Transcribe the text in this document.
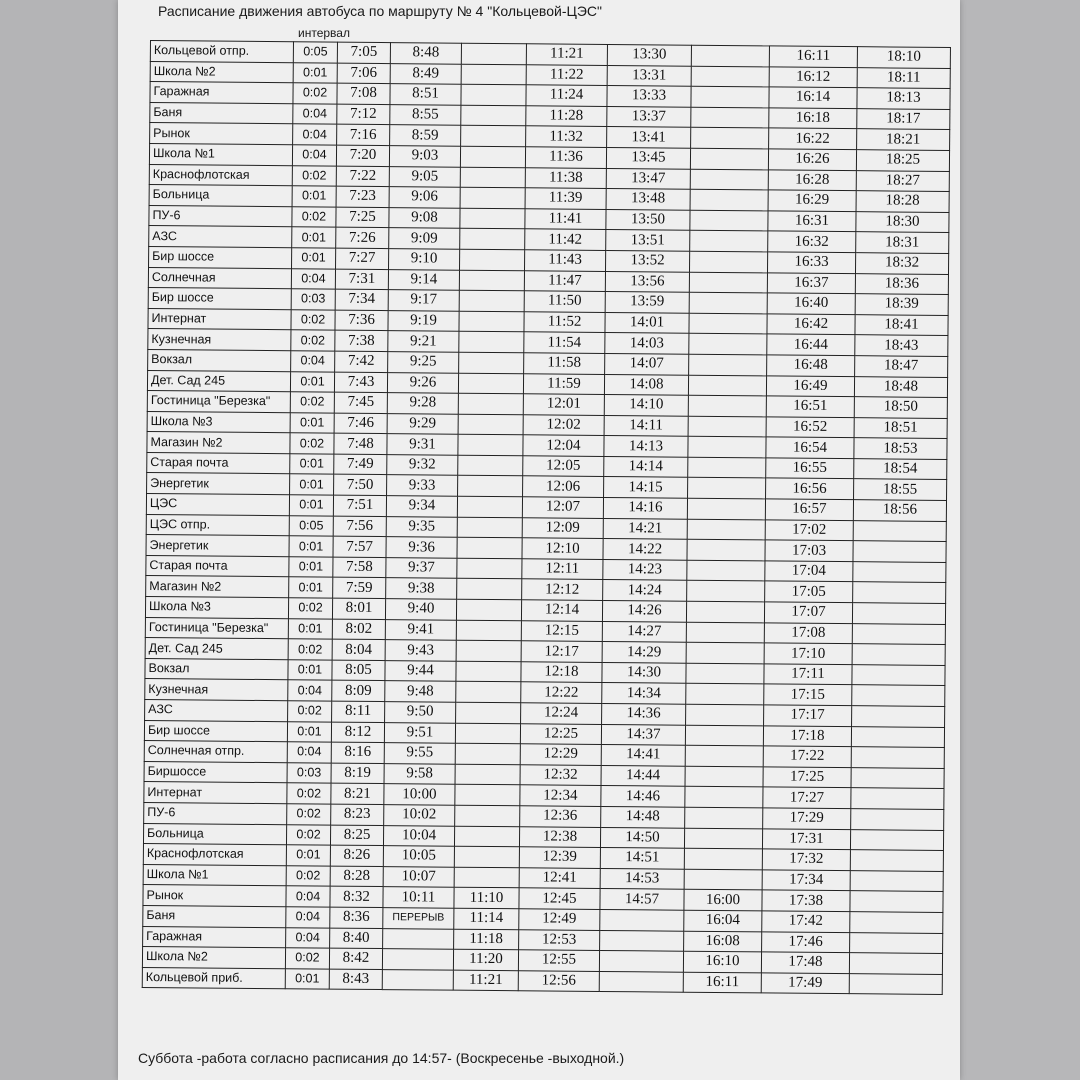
Расписание движения автобуса по маршруту № 4 "Кольцевой-ЦЭС"
интервал
Кольцевой отпр.	0:05	7:05	8:48		11:21	13:30		16:11	18:10
Школа №2	0:01	7:06	8:49		11:22	13:31		16:12	18:11
Гаражная	0:02	7:08	8:51		11:24	13:33		16:14	18:13
Баня	0:04	7:12	8:55		11:28	13:37		16:18	18:17
Рынок	0:04	7:16	8:59		11:32	13:41		16:22	18:21
Школа №1	0:04	7:20	9:03		11:36	13:45		16:26	18:25
Краснофлотская	0:02	7:22	9:05		11:38	13:47		16:28	18:27
Больница	0:01	7:23	9:06		11:39	13:48		16:29	18:28
ПУ-6	0:02	7:25	9:08		11:41	13:50		16:31	18:30
АЗС	0:01	7:26	9:09		11:42	13:51		16:32	18:31
Бир шоссе	0:01	7:27	9:10		11:43	13:52		16:33	18:32
Солнечная	0:04	7:31	9:14		11:47	13:56		16:37	18:36
Бир шоссе	0:03	7:34	9:17		11:50	13:59		16:40	18:39
Интернат	0:02	7:36	9:19		11:52	14:01		16:42	18:41
Кузнечная	0:02	7:38	9:21		11:54	14:03		16:44	18:43
Вокзал	0:04	7:42	9:25		11:58	14:07		16:48	18:47
Дет. Сад 245	0:01	7:43	9:26		11:59	14:08		16:49	18:48
Гостиница "Березка"	0:02	7:45	9:28		12:01	14:10		16:51	18:50
Школа №3	0:01	7:46	9:29		12:02	14:11		16:52	18:51
Магазин №2	0:02	7:48	9:31		12:04	14:13		16:54	18:53
Старая почта	0:01	7:49	9:32		12:05	14:14		16:55	18:54
Энергетик	0:01	7:50	9:33		12:06	14:15		16:56	18:55
ЦЭС	0:01	7:51	9:34		12:07	14:16		16:57	18:56
ЦЭС отпр.	0:05	7:56	9:35		12:09	14:21		17:02	
Энергетик	0:01	7:57	9:36		12:10	14:22		17:03	
Старая почта	0:01	7:58	9:37		12:11	14:23		17:04	
Магазин №2	0:01	7:59	9:38		12:12	14:24		17:05	
Школа №3	0:02	8:01	9:40		12:14	14:26		17:07	
Гостиница "Березка"	0:01	8:02	9:41		12:15	14:27		17:08	
Дет. Сад 245	0:02	8:04	9:43		12:17	14:29		17:10	
Вокзал	0:01	8:05	9:44		12:18	14:30		17:11	
Кузнечная	0:04	8:09	9:48		12:22	14:34		17:15	
АЗС	0:02	8:11	9:50		12:24	14:36		17:17	
Бир шоссе	0:01	8:12	9:51		12:25	14:37		17:18	
Солнечная отпр.	0:04	8:16	9:55		12:29	14:41		17:22	
Биршоссе	0:03	8:19	9:58		12:32	14:44		17:25	
Интернат	0:02	8:21	10:00		12:34	14:46		17:27	
ПУ-6	0:02	8:23	10:02		12:36	14:48		17:29	
Больница	0:02	8:25	10:04		12:38	14:50		17:31	
Краснофлотская	0:01	8:26	10:05		12:39	14:51		17:32	
Школа №1	0:02	8:28	10:07		12:41	14:53		17:34	
Рынок	0:04	8:32	10:11	11:10	12:45	14:57	16:00	17:38	
Баня	0:04	8:36	ПЕРЕРЫВ	11:14	12:49		16:04	17:42	
Гаражная	0:04	8:40		11:18	12:53		16:08	17:46	
Школа №2	0:02	8:42		11:20	12:55		16:10	17:48	
Кольцевой приб.	0:01	8:43		11:21	12:56		16:11	17:49	
Суббота -работа согласно расписания до 14:57- (Воскресенье -выходной.)
